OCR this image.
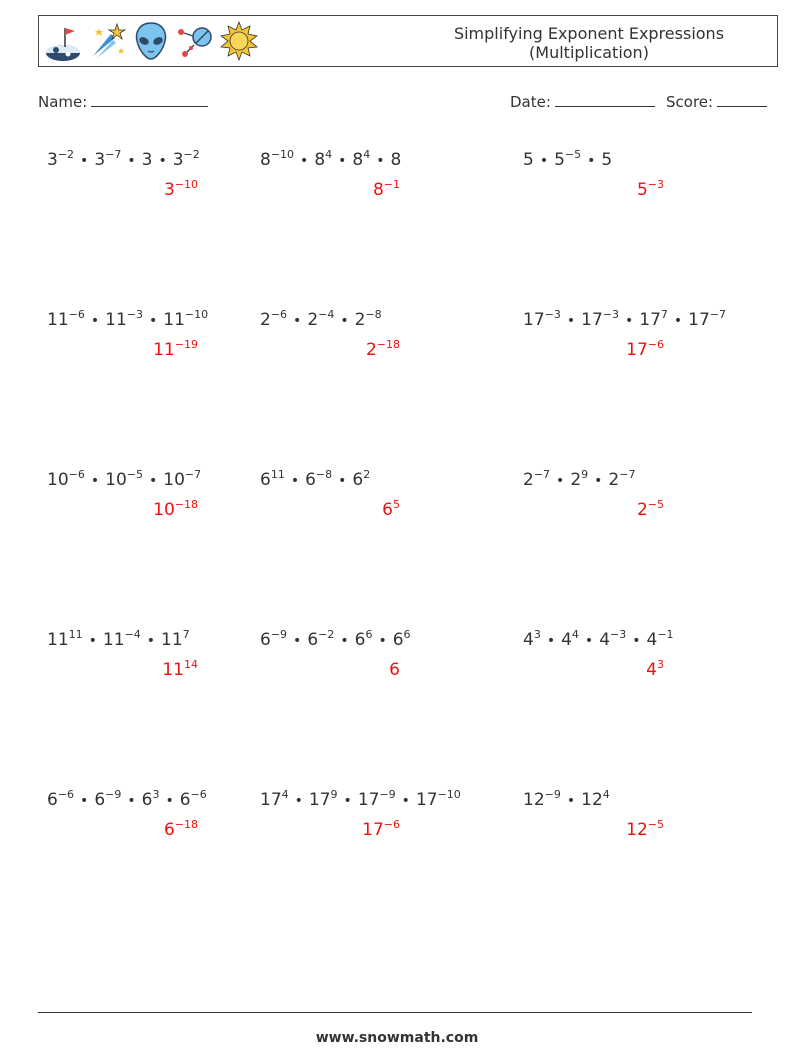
Simplifying Exponent Expressions
(Multiplication)
Name:	Date:	Score:
$3^{-2}$ • $3^{-7}$ • 3 • $3^{-2}$
$3^{-10}$
$8^{-10}$ • $8^4$ • $8^4$ • 8
$8^{-1}$
5 • $5^{-5}$ • 5
$5^{-3}$
$11^{-6}$ • $11^{-3}$ • $11^{-10}$
$11^{-19}$
$2^{-6}$ • $2^{-4}$ • $2^{-8}$
$2^{-18}$
$17^{-3}$ • $17^{-3}$ • $17^7$ • $17^{-7}$
$17^{-6}$
$10^{-6}$ • $10^{-5}$ • $10^{-7}$
$10^{-18}$
$6^{11}$ • $6^{-8}$ • $6^2$
$6^5$
$2^{-7}$ • $2^9$ • $2^{-7}$
$2^{-5}$
$11^{11}$ • $11^{-4}$ • $11^7$
$11^{14}$
$6^{-9}$ • $6^{-2}$ • $6^6$ • $6^6$
6
$4^3$ • $4^4$ • $4^{-3}$ • $4^{-1}$
$4^3$
$6^{-6}$ • $6^{-9}$ • $6^3$ • $6^{-6}$
$6^{-18}$
$17^4$ • $17^9$ • $17^{-9}$ • $17^{-10}$
$17^{-6}$
$12^{-9}$ • $12^4$
$12^{-5}$
www.snowmath.com
